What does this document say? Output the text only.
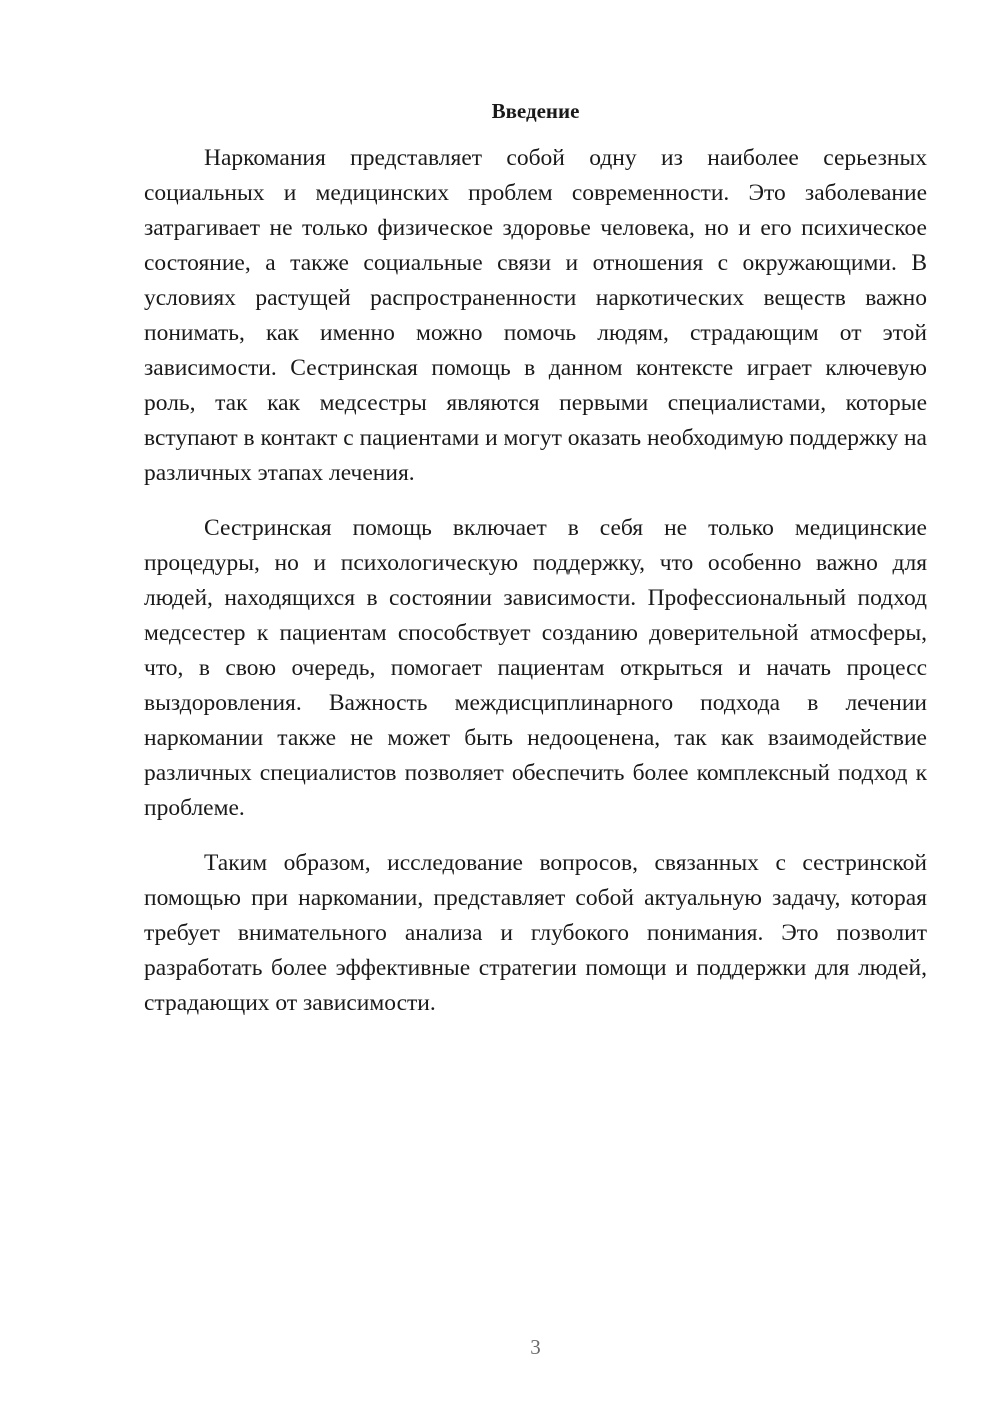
Введение

Наркомания представляет собой одну из наиболее серьезных социальных и медицинских проблем современности. Это заболевание затрагивает не только физическое здоровье человека, но и его психическое состояние, а также социальные связи и отношения с окружающими. В условиях растущей распространенности наркотических веществ важно понимать, как именно можно помочь людям, страдающим от этой зависимости. Сестринская помощь в данном контексте играет ключевую роль, так как медсестры являются первыми специалистами, которые вступают в контакт с пациентами и могут оказать необходимую поддержку на различных этапах лечения.

Сестринская помощь включает в себя не только медицинские процедуры, но и психологическую поддержку, что особенно важно для людей, находящихся в состоянии зависимости. Профессиональный подход медсестер к пациентам способствует созданию доверительной атмосферы, что, в свою очередь, помогает пациентам открыться и начать процесс выздоровления. Важность междисциплинарного подхода в лечении наркомании также не может быть недооценена, так как взаимодействие различных специалистов позволяет обеспечить более комплексный подход к проблеме.

Таким образом, исследование вопросов, связанных с сестринской помощью при наркомании, представляет собой актуальную задачу, которая требует внимательного анализа и глубокого понимания. Это позволит разработать более эффективные стратегии помощи и поддержки для людей, страдающих от зависимости.

3
